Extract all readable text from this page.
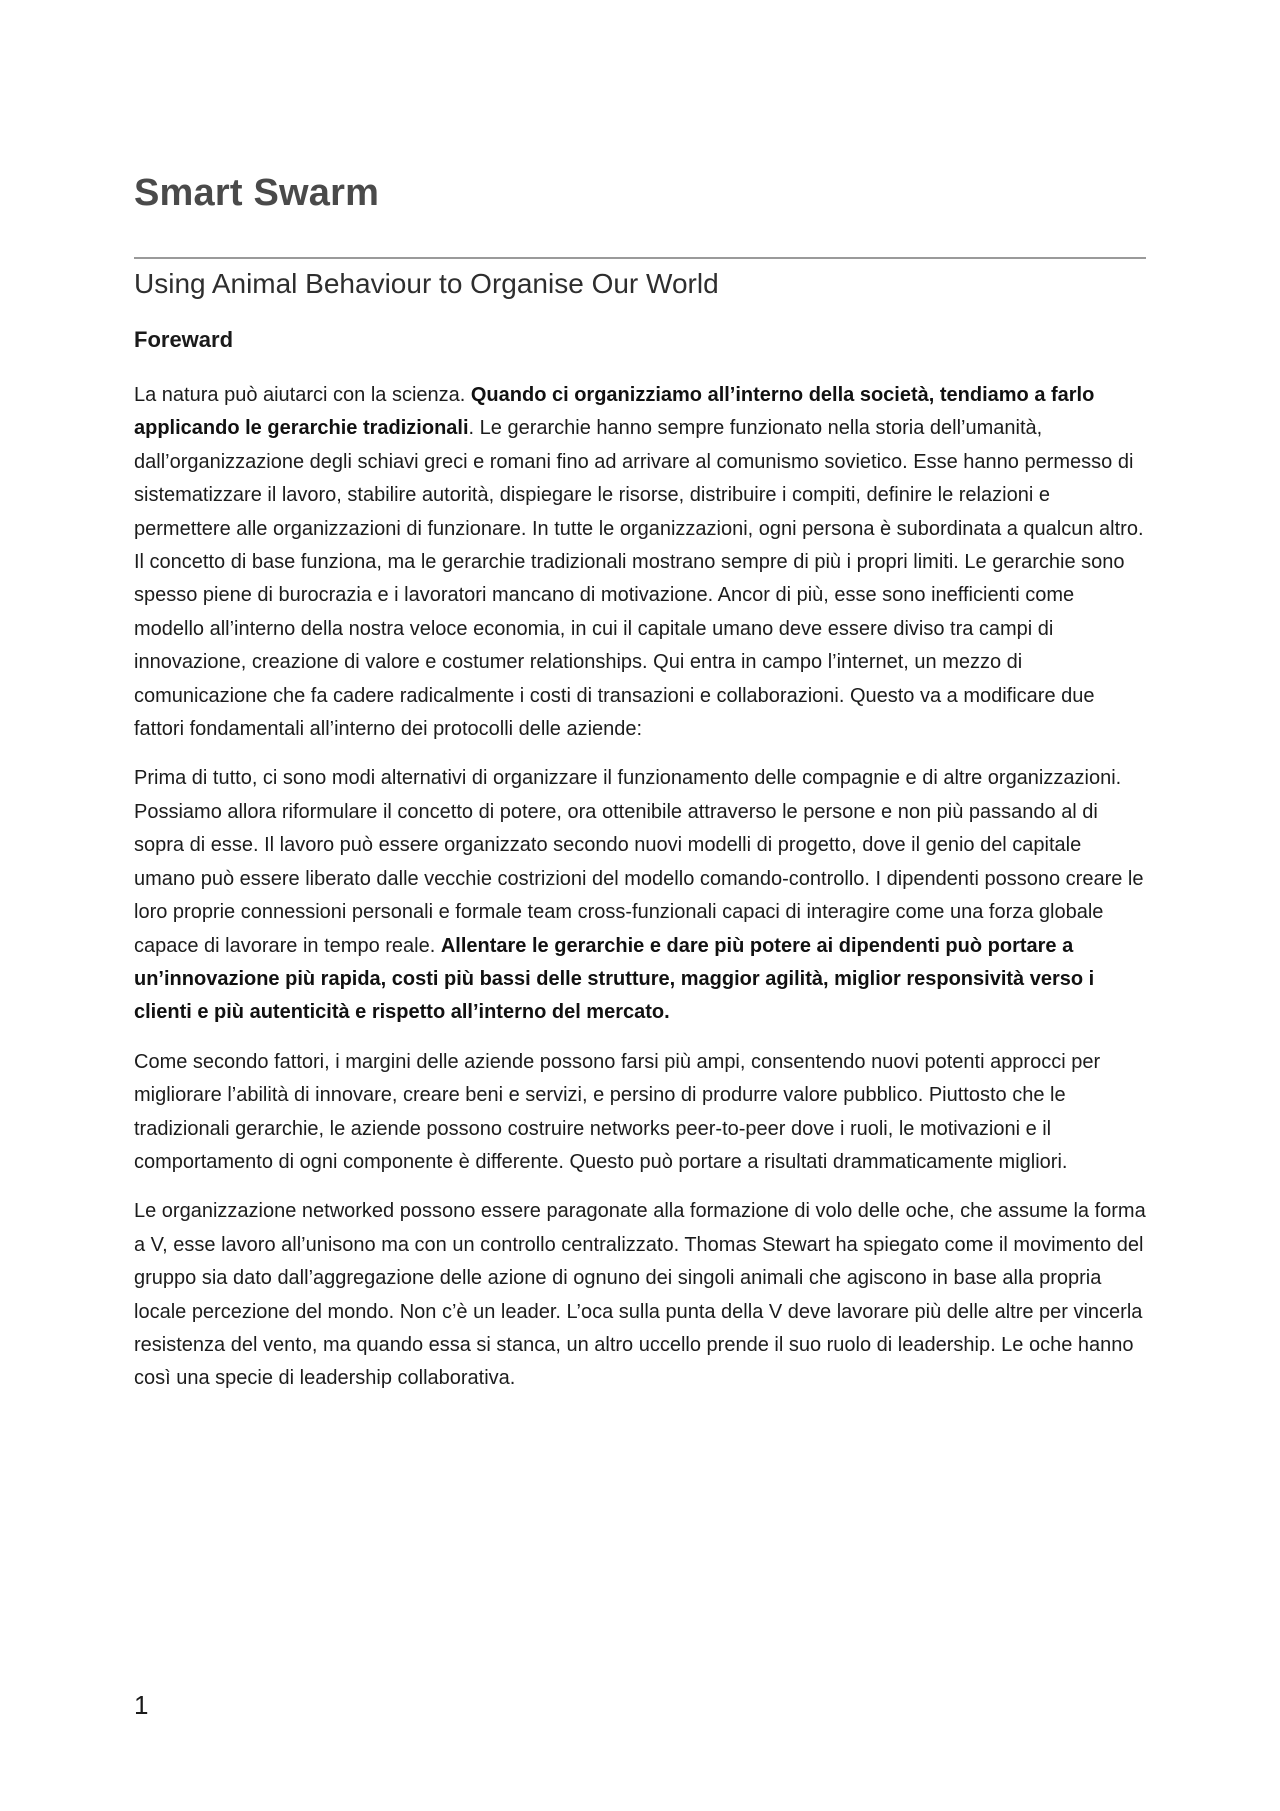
Smart Swarm
Using Animal Behaviour to Organise Our World
Foreward

La natura può aiutarci con la scienza. Quando ci organizziamo all’interno della società, tendiamo a farlo applicando le gerarchie tradizionali. Le gerarchie hanno sempre funzionato nella storia dell’umanità, dall’organizzazione degli schiavi greci e romani fino ad arrivare al comunismo sovietico. Esse hanno permesso di sistematizzare il lavoro, stabilire autorità, dispiegare le risorse, distribuire i compiti, definire le relazioni e permettere alle organizzazioni di funzionare. In tutte le organizzazioni, ogni persona è subordinata a qualcun altro. Il concetto di base funziona, ma le gerarchie tradizionali mostrano sempre di più i propri limiti. Le gerarchie sono spesso piene di burocrazia e i lavoratori mancano di motivazione. Ancor di più, esse sono inefficienti come modello all’interno della nostra veloce economia, in cui il capitale umano deve essere diviso tra campi di innovazione, creazione di valore e costumer relationships. Qui entra in campo l’internet, un mezzo di comunicazione che fa cadere radicalmente i costi di transazioni e collaborazioni. Questo va a modificare due fattori fondamentali all’interno dei protocolli delle aziende:

Prima di tutto, ci sono modi alternativi di organizzare il funzionamento delle compagnie e di altre organizzazioni. Possiamo allora riformulare il concetto di potere, ora ottenibile attraverso le persone e non più passando al di sopra di esse. Il lavoro può essere organizzato secondo nuovi modelli di progetto, dove il genio del capitale umano può essere liberato dalle vecchie costrizioni del modello comando-controllo. I dipendenti possono creare le loro proprie connessioni personali e formale team cross-funzionali capaci di interagire come una forza globale capace di lavorare in tempo reale. Allentare le gerarchie e dare più potere ai dipendenti può portare a un’innovazione più rapida, costi più bassi delle strutture, maggior agilità, miglior responsività verso i clienti e più autenticità e rispetto all’interno del mercato.

Come secondo fattori, i margini delle aziende possono farsi più ampi, consentendo nuovi potenti approcci per migliorare l’abilità di innovare, creare beni e servizi, e persino di produrre valore pubblico. Piuttosto che le tradizionali gerarchie, le aziende possono costruire networks peer-to-peer dove i ruoli, le motivazioni e il comportamento di ogni componente è differente. Questo può portare a risultati drammaticamente migliori.

Le organizzazione networked possono essere paragonate alla formazione di volo delle oche, che assume la forma a V, esse lavoro all’unisono ma con un controllo centralizzato. Thomas Stewart ha spiegato come il movimento del gruppo sia dato dall’aggregazione delle azione di ognuno dei singoli animali che agiscono in base alla propria locale percezione del mondo. Non c’è un leader. L’oca sulla punta della V deve lavorare più delle altre per vincerla resistenza del vento, ma quando essa si stanca, un altro uccello prende il suo ruolo di leadership. Le oche hanno così una specie di leadership collaborativa.

1
